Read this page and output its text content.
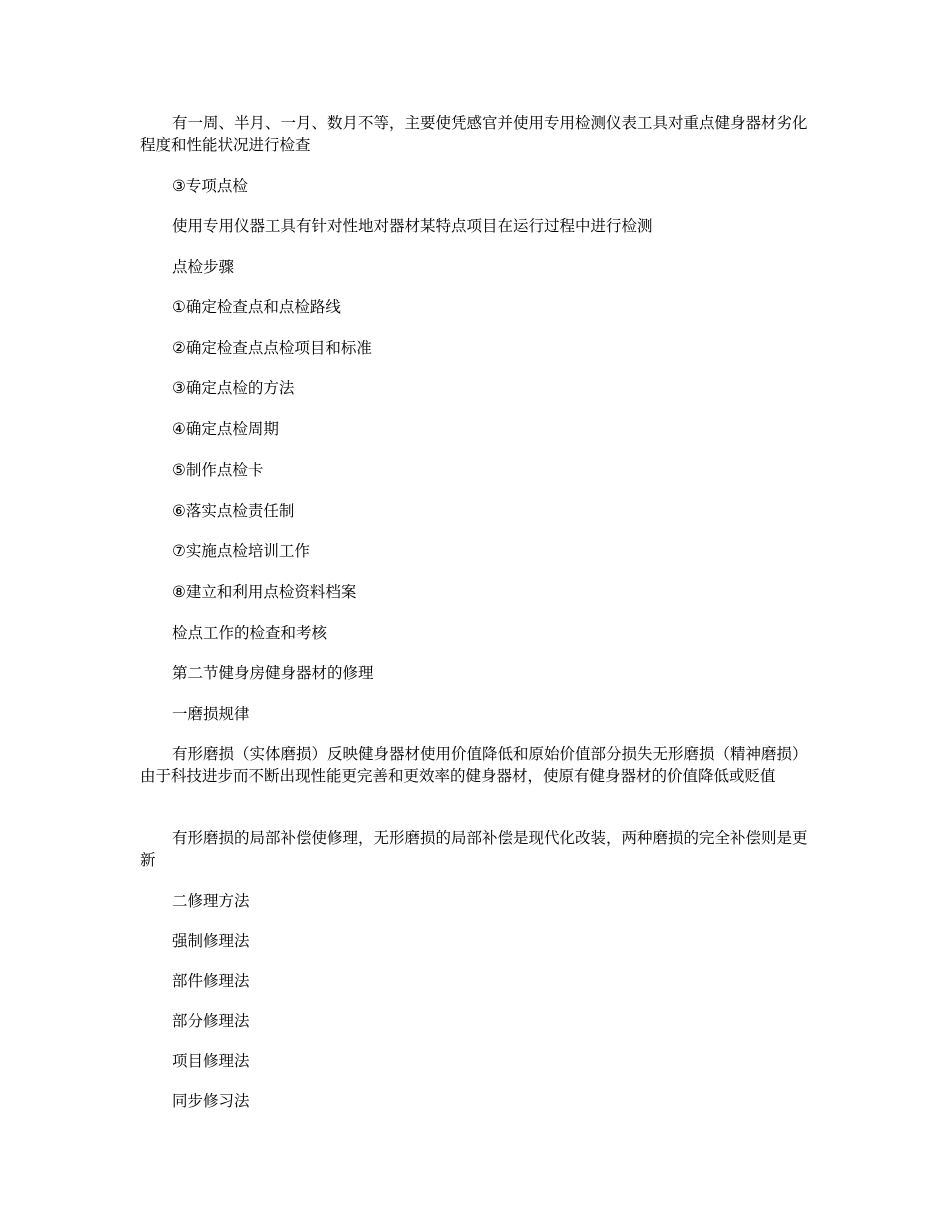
有一周、半月、一月、数月不等，主要使凭感官并使用专用检测仪表工具对重点健身器材劣化程度和性能状况进行检查

③专项点检

使用专用仪器工具有针对性地对器材某特点项目在运行过程中进行检测

点检步骤

①确定检查点和点检路线

②确定检查点点检项目和标准

③确定点检的方法

④确定点检周期

⑤制作点检卡

⑥落实点检责任制

⑦实施点检培训工作

⑧建立和利用点检资料档案

检点工作的检查和考核

第二节健身房健身器材的修理

一磨损规律

有形磨损（实体磨损）反映健身器材使用价值降低和原始价值部分损失无形磨损（精神磨损）由于科技进步而不断出现性能更完善和更效率的健身器材，使原有健身器材的价值降低或贬值

有形磨损的局部补偿使修理，无形磨损的局部补偿是现代化改装，两种磨损的完全补偿则是更新

二修理方法

强制修理法

部件修理法

部分修理法

项目修理法

同步修习法
